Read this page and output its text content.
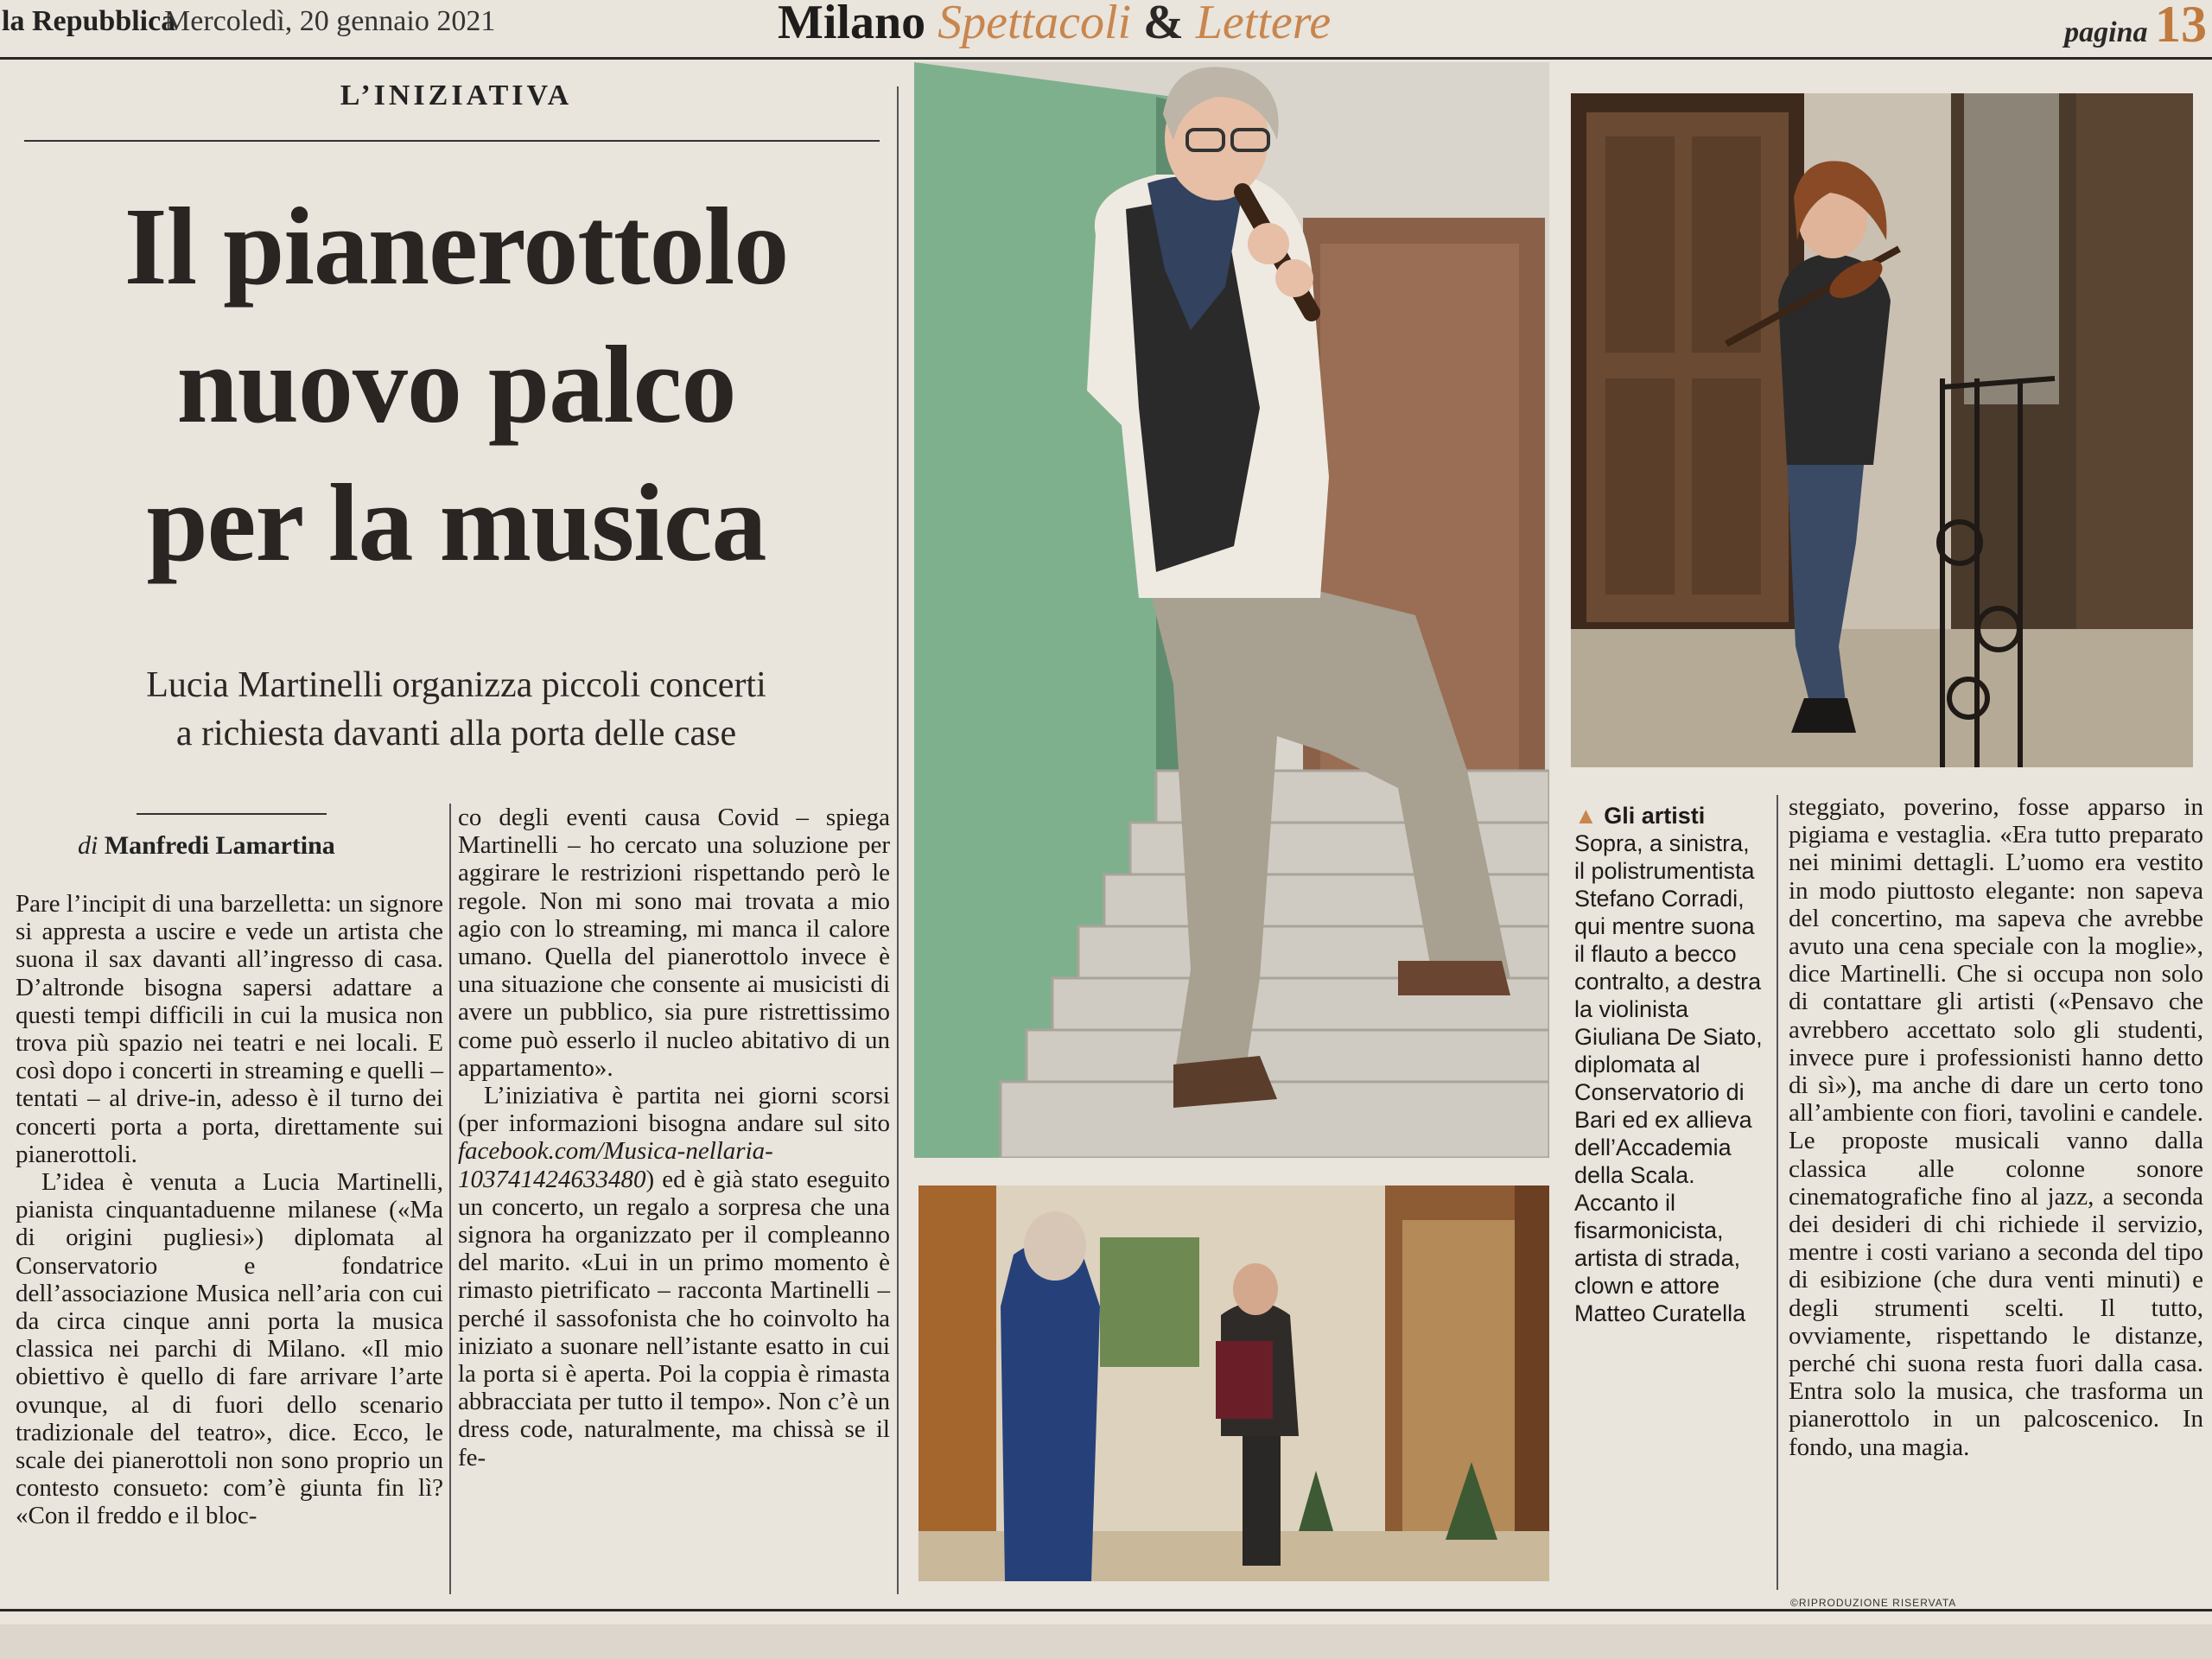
la Repubblica
Mercoledì, 20 gennaio 2021	Milano Spettacoli & Lettere	pagina 13
L’INIZIATIVA
Il pianerottolo
nuovo palco
per la musica
Lucia Martinelli organizza piccoli concerti
a richiesta davanti alla porta delle case
di Manfredi Lamartina

Pare l’incipit di una barzelletta: un signore si appresta a uscire e vede un artista che suona il sax davanti all’ingresso di casa. D’altronde bisogna sapersi adattare a questi tempi difficili in cui la musica non trova più spazio nei teatri e nei locali. E così dopo i concerti in streaming e quelli – tentati – al drive-in, adesso è il turno dei concerti porta a porta, direttamente sui pianerottoli.

L’idea è venuta a Lucia Martinelli, pianista cinquantaduenne milanese («Ma di origini pugliesi») diplomata al Conservatorio e fondatrice dell’associazione Musica nell’aria con cui da circa cinque anni porta la musica classica nei parchi di Milano. «Il mio obiettivo è quello di fare arrivare l’arte ovunque, al di fuori dello scenario tradizionale del teatro», dice. Ecco, le scale dei pianerottoli non sono proprio un contesto consueto: com’è giunta fin lì? «Con il freddo e il bloc-

co degli eventi causa Covid – spiega Martinelli – ho cercato una soluzione per aggirare le restrizioni rispettando però le regole. Non mi sono mai trovata a mio agio con lo streaming, mi manca il calore umano. Quella del pianerottolo invece è una situazione che consente ai musicisti di avere un pubblico, sia pure ristrettissimo come può esserlo il nucleo abitativo di un appartamento».

L’iniziativa è partita nei giorni scorsi (per informazioni bisogna andare sul sito facebook.com/Musica-nellaria-103741424633480) ed è già stato eseguito un concerto, un regalo a sorpresa che una signora ha organizzato per il compleanno del marito. «Lui in un primo momento è rimasto pietrificato – racconta Martinelli – perché il sassofonista che ho coinvolto ha iniziato a suonare nell’istante esatto in cui la porta si è aperta. Poi la coppia è rimasta abbracciata per tutto il tempo». Non c’è un dress code, naturalmente, ma chissà se il fe-

▲ Gli artisti
Sopra, a sinistra, il polistrumentista Stefano Corradi, qui mentre suona il flauto a becco contralto, a destra la violinista Giuliana De Siato, diplomata al Conservatorio di Bari ed ex allieva dell’Accademia della Scala. Accanto il fisarmonicista, artista di strada, clown e attore Matteo Curatella

steggiato, poverino, fosse apparso in pigiama e vestaglia. «Era tutto preparato nei minimi dettagli. L’uomo era vestito in modo piuttosto elegante: non sapeva del concertino, ma sapeva che avrebbe avuto una cena speciale con la moglie», dice Martinelli. Che si occupa non solo di contattare gli artisti («Pensavo che avrebbero accettato solo gli studenti, invece pure i professionisti hanno detto di sì»), ma anche di dare un certo tono all’ambiente con fiori, tavolini e candele. Le proposte musicali vanno dalla classica alle colonne sonore cinematografiche fino al jazz, a seconda dei desideri di chi richiede il servizio, mentre i costi variano a seconda del tipo di esibizione (che dura venti minuti) e degli strumenti scelti. Il tutto, ovviamente, rispettando le distanze, perché chi suona resta fuori dalla casa. Entra solo la musica, che trasforma un pianerottolo in un palcoscenico. In fondo, una magia.

©RIPRODUZIONE RISERVATA
